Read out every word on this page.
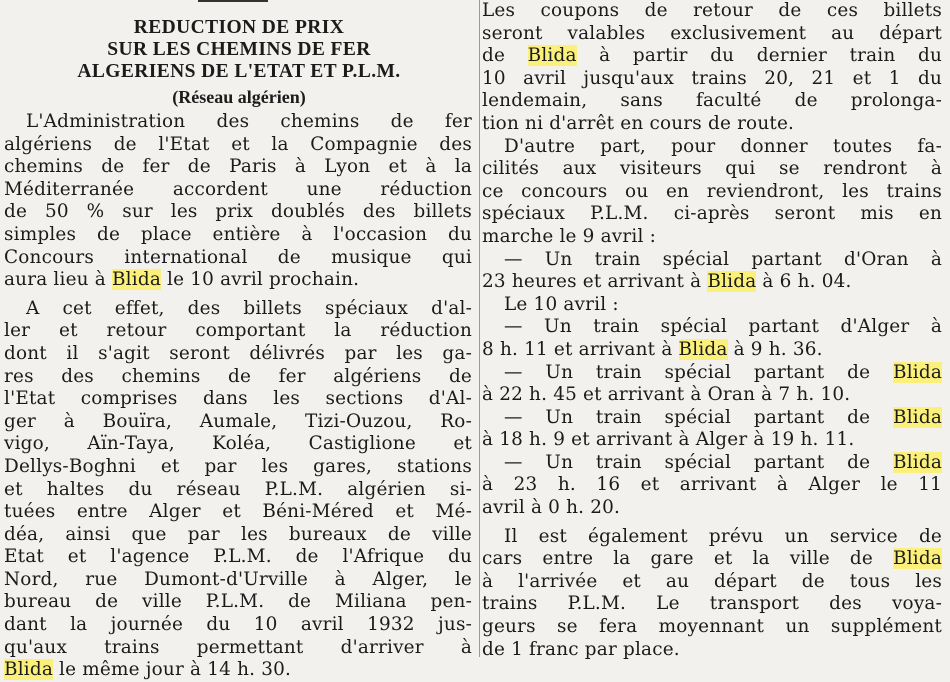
REDUCTION DE PRIX
SUR LES CHEMINS DE FER
ALGERIENS DE L'ETAT ET P.L.M.
(Réseau algérien)
L'Administration des chemins de fer
algériens de l'Etat et la Compagnie des
chemins de fer de Paris à Lyon et à la
Méditerranée accordent une réduction
de 50 % sur les prix doublés des billets
simples de place entière à l'occasion du
Concours international de musique qui
aura lieu à Blida le 10 avril prochain.
A cet effet, des billets spéciaux d'al-
ler et retour comportant la réduction
dont il s'agit seront délivrés par les ga-
res des chemins de fer algériens de
l'Etat comprises dans les sections d'Al-
ger à Bouïra, Aumale, Tizi-Ouzou, Ro-
vigo, Aïn-Taya, Koléa, Castiglione et
Dellys-Boghni et par les gares, stations
et haltes du réseau P.L.M. algérien si-
tuées entre Alger et Béni-Méred et Mé-
déa, ainsi que par les bureaux de ville
Etat et l'agence P.L.M. de l'Afrique du
Nord, rue Dumont-d'Urville à Alger, le
bureau de ville P.L.M. de Miliana pen-
dant la journée du 10 avril 1932 jus-
qu'aux trains permettant d'arriver à
Blida le même jour à 14 h. 30.
Les coupons de retour de ces billets
seront valables exclusivement au départ
de Blida à partir du dernier train du
10 avril jusqu'aux trains 20, 21 et 1 du
lendemain, sans faculté de prolonga-
tion ni d'arrêt en cours de route.
D'autre part, pour donner toutes fa-
cilités aux visiteurs qui se rendront à
ce concours ou en reviendront, les trains
spéciaux P.L.M. ci-après seront mis en
marche le 9 avril :
— Un train spécial partant d'Oran à
23 heures et arrivant à Blida à 6 h. 04.
Le 10 avril :
— Un train spécial partant d'Alger à
8 h. 11 et arrivant à Blida à 9 h. 36.
— Un train spécial partant de Blida
à 22 h. 45 et arrivant à Oran à 7 h. 10.
— Un train spécial partant de Blida
à 18 h. 9 et arrivant à Alger à 19 h. 11.
— Un train spécial partant de Blida
à 23 h. 16 et arrivant à Alger le 11
avril à 0 h. 20.
Il est également prévu un service de
cars entre la gare et la ville de Blida
à l'arrivée et au départ de tous les
trains P.L.M. Le transport des voya-
geurs se fera moyennant un supplément
de 1 franc par place.
